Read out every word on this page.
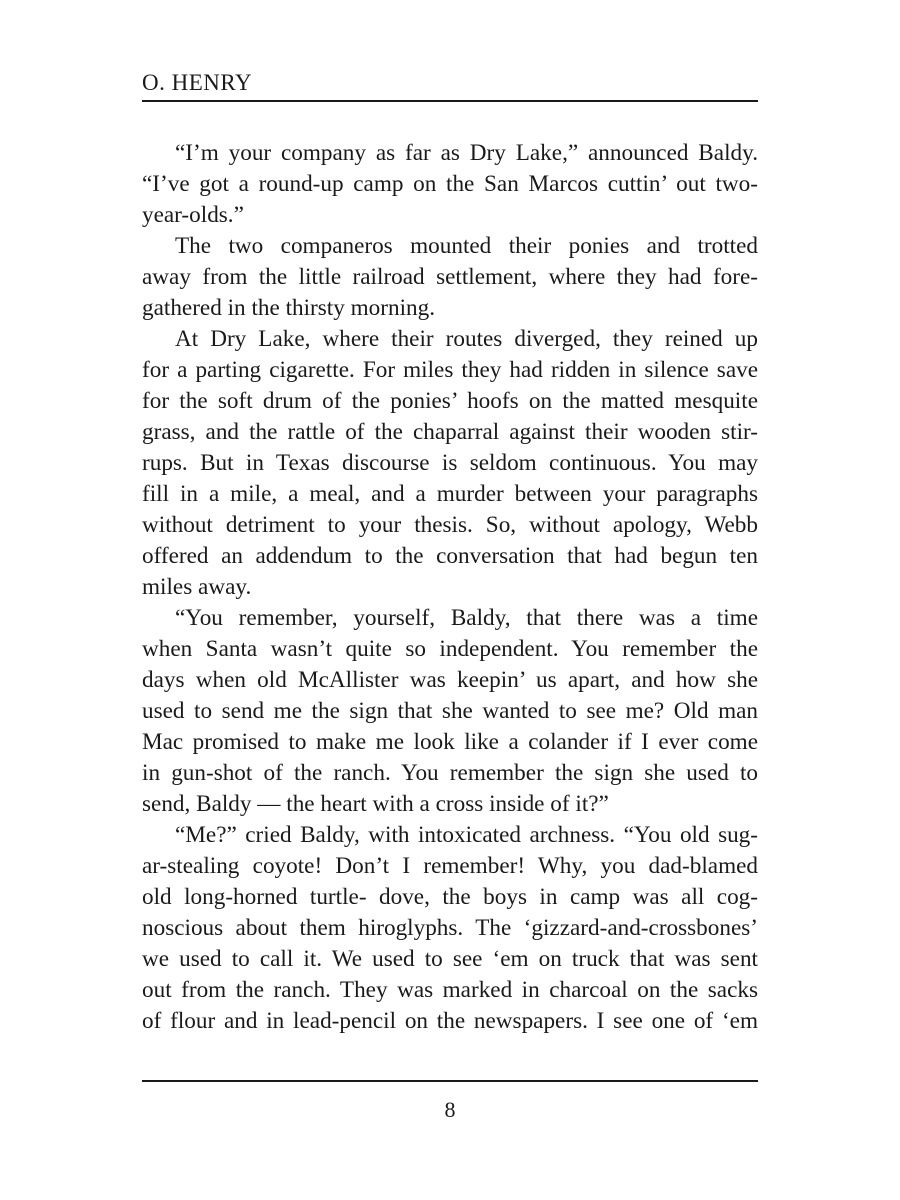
O. HENRY
“I’m your company as far as Dry Lake,” announced Baldy.
“I’ve got a round-up camp on the San Marcos cuttin’ out two-
year-olds.”
The two companeros mounted their ponies and trotted
away from the little railroad settlement, where they had fore-
gathered in the thirsty morning.
At Dry Lake, where their routes diverged, they reined up
for a parting cigarette. For miles they had ridden in silence save
for the soft drum of the ponies’ hoofs on the matted mesquite
grass, and the rattle of the chaparral against their wooden stir-
rups. But in Texas discourse is seldom continuous. You may
fill in a mile, a meal, and a murder between your paragraphs
without detriment to your thesis. So, without apology, Webb
offered an addendum to the conversation that had begun ten
miles away.
“You remember, yourself, Baldy, that there was a time
when Santa wasn’t quite so independent. You remember the
days when old McAllister was keepin’ us apart, and how she
used to send me the sign that she wanted to see me? Old man
Mac promised to make me look like a colander if I ever come
in gun-shot of the ranch. You remember the sign she used to
send, Baldy — the heart with a cross inside of it?”
“Me?” cried Baldy, with intoxicated archness. “You old sug-
ar-stealing coyote! Don’t I remember! Why, you dad-blamed
old long-horned turtle- dove, the boys in camp was all cog-
noscious about them hiroglyphs. The ‘gizzard-and-crossbones’
we used to call it. We used to see ‘em on truck that was sent
out from the ranch. They was marked in charcoal on the sacks
of flour and in lead-pencil on the newspapers. I see one of ‘em
8
